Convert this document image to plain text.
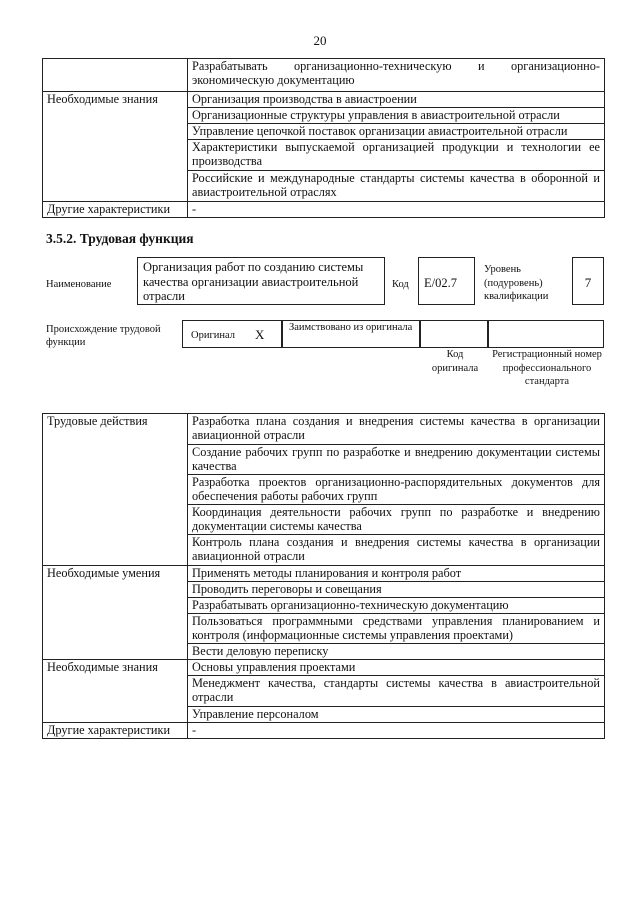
20
	Разрабатывать организационно-техническую и организационно-экономическую документацию
Необходимые знания	Организация производства в авиастроении
	Организационные структуры управления в авиастроительной отрасли
	Управление цепочкой поставок организации авиастроительной отрасли
	Характеристики выпускаемой организацией продукции и технологии ее производства
	Российские и международные стандарты системы качества в оборонной и авиастроительной отраслях
Другие характеристики	-
3.5.2. Трудовая функция
Наименование
Организация работ по созданию системы качества организации авиастроительной отрасли
Код	E/02.7
Уровень (подуровень) квалификации
7
Происхождение трудовой функции
Оригинал X	Заимствовано из оригинала
Код оригинала
Регистрационный номер профессионального стандарта
Трудовые действия	Разработка плана создания и внедрения системы качества в организации авиационной отрасли
	Создание рабочих групп по разработке и внедрению документации системы качества
	Разработка проектов организационно-распорядительных документов для обеспечения работы рабочих групп
	Координация деятельности рабочих групп по разработке и внедрению документации системы качества
	Контроль плана создания и внедрения системы качества в организации авиационной отрасли
Необходимые умения	Применять методы планирования и контроля работ
	Проводить переговоры и совещания
	Разрабатывать организационно-техническую документацию
	Пользоваться программными средствами управления планированием и контроля (информационные системы управления проектами)
	Вести деловую переписку
Необходимые знания	Основы управления проектами
	Менеджмент качества, стандарты системы качества в авиастроительной отрасли
	Управление персоналом
Другие характеристики	-
